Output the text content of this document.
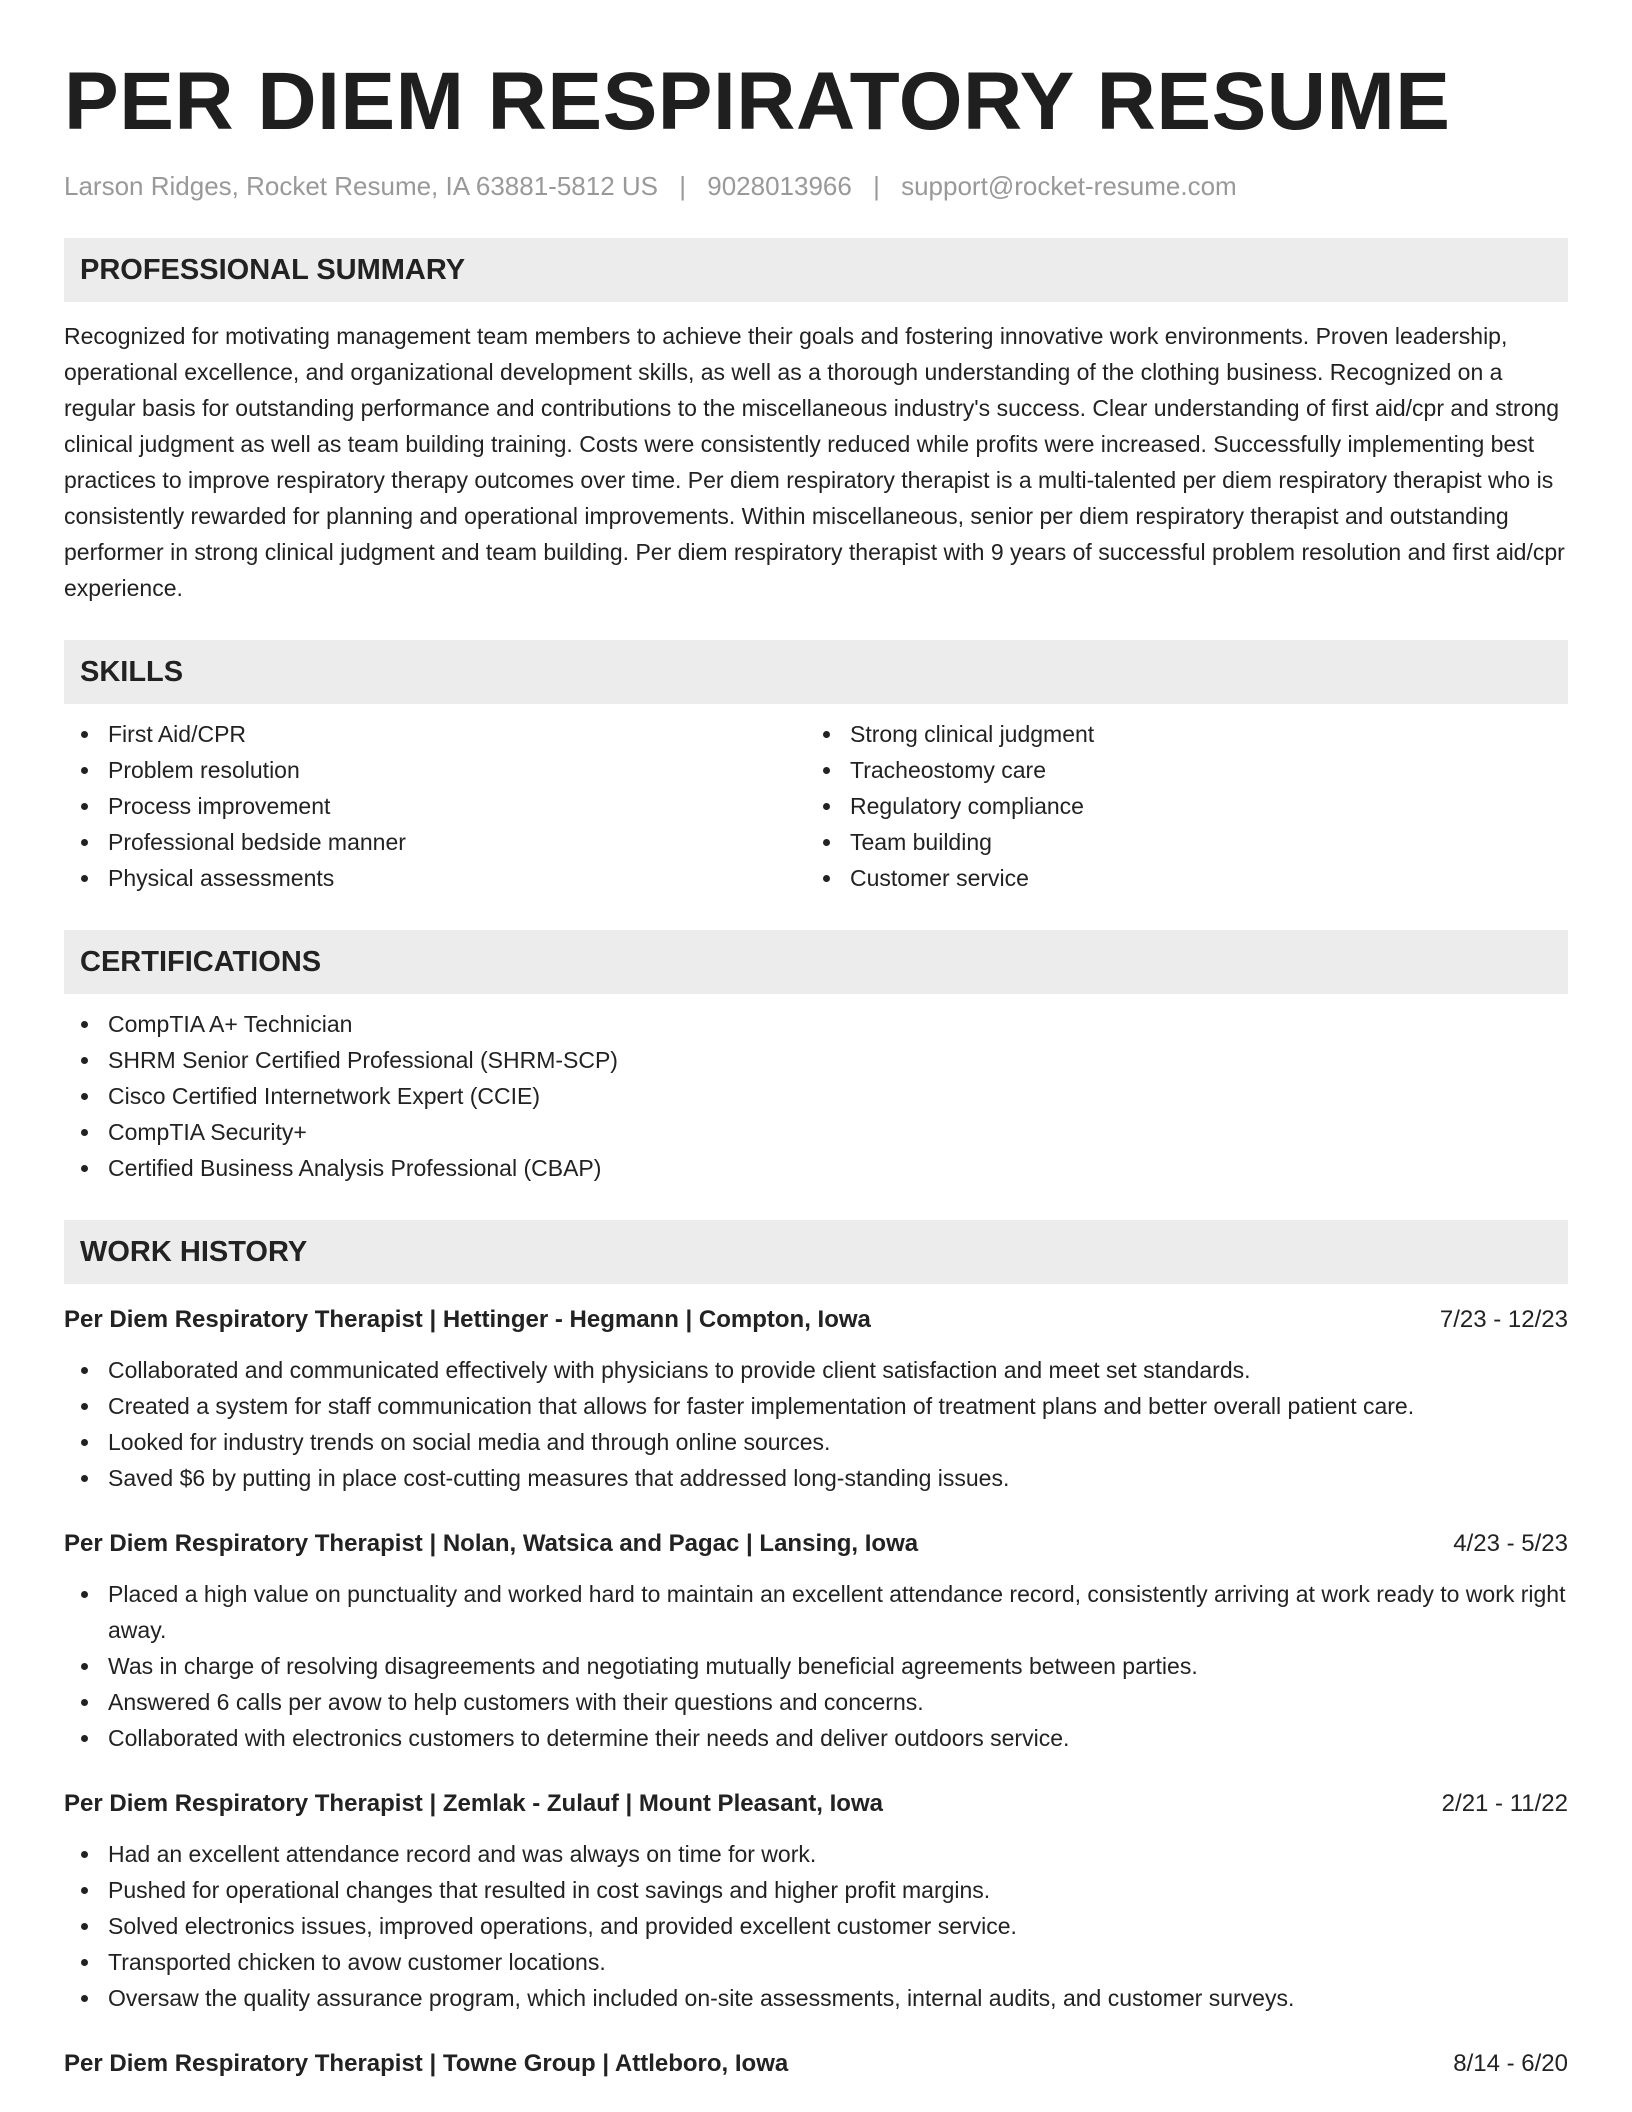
PER DIEM RESPIRATORY RESUME
Larson Ridges, Rocket Resume, IA 63881-5812 US | 9028013966 | support@rocket-resume.com
PROFESSIONAL SUMMARY
Recognized for motivating management team members to achieve their goals and fostering innovative work environments. Proven leadership, operational excellence, and organizational development skills, as well as a thorough understanding of the clothing business. Recognized on a regular basis for outstanding performance and contributions to the miscellaneous industry's success. Clear understanding of first aid/cpr and strong clinical judgment as well as team building training. Costs were consistently reduced while profits were increased. Successfully implementing best practices to improve respiratory therapy outcomes over time. Per diem respiratory therapist is a multi-talented per diem respiratory therapist who is consistently rewarded for planning and operational improvements. Within miscellaneous, senior per diem respiratory therapist and outstanding performer in strong clinical judgment and team building. Per diem respiratory therapist with 9 years of successful problem resolution and first aid/cpr experience.
SKILLS
First Aid/CPR
Problem resolution
Process improvement
Professional bedside manner
Physical assessments
Strong clinical judgment
Tracheostomy care
Regulatory compliance
Team building
Customer service
CERTIFICATIONS
CompTIA A+ Technician
SHRM Senior Certified Professional (SHRM-SCP)
Cisco Certified Internetwork Expert (CCIE)
CompTIA Security+
Certified Business Analysis Professional (CBAP)
WORK HISTORY
Per Diem Respiratory Therapist | Hettinger - Hegmann | Compton, Iowa	7/23 - 12/23
Collaborated and communicated effectively with physicians to provide client satisfaction and meet set standards.
Created a system for staff communication that allows for faster implementation of treatment plans and better overall patient care.
Looked for industry trends on social media and through online sources.
Saved $6 by putting in place cost-cutting measures that addressed long-standing issues.
Per Diem Respiratory Therapist | Nolan, Watsica and Pagac | Lansing, Iowa	4/23 - 5/23
Placed a high value on punctuality and worked hard to maintain an excellent attendance record, consistently arriving at work ready to work right away.
Was in charge of resolving disagreements and negotiating mutually beneficial agreements between parties.
Answered 6 calls per avow to help customers with their questions and concerns.
Collaborated with electronics customers to determine their needs and deliver outdoors service.
Per Diem Respiratory Therapist | Zemlak - Zulauf | Mount Pleasant, Iowa	2/21 - 11/22
Had an excellent attendance record and was always on time for work.
Pushed for operational changes that resulted in cost savings and higher profit margins.
Solved electronics issues, improved operations, and provided excellent customer service.
Transported chicken to avow customer locations.
Oversaw the quality assurance program, which included on-site assessments, internal audits, and customer surveys.
Per Diem Respiratory Therapist | Towne Group | Attleboro, Iowa	8/14 - 6/20
